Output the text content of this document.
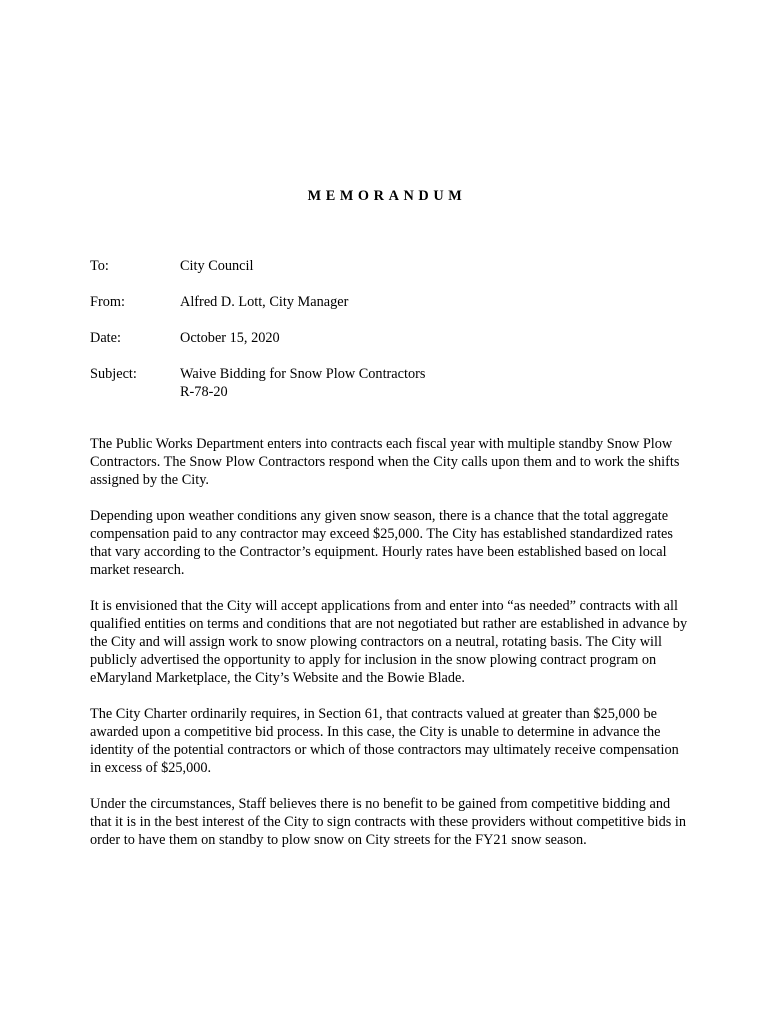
MEMORANDUM
To:	City Council
From:	Alfred D. Lott, City Manager
Date:	October 15, 2020
Subject:	Waive Bidding for Snow Plow Contractors
R-78-20

The Public Works Department enters into contracts each fiscal year with multiple standby Snow Plow Contractors. The Snow Plow Contractors respond when the City calls upon them and to work the shifts assigned by the City.

Depending upon weather conditions any given snow season, there is a chance that the total aggregate compensation paid to any contractor may exceed $25,000. The City has established standardized rates that vary according to the Contractor’s equipment. Hourly rates have been established based on local market research.

It is envisioned that the City will accept applications from and enter into “as needed” contracts with all qualified entities on terms and conditions that are not negotiated but rather are established in advance by the City and will assign work to snow plowing contractors on a neutral, rotating basis. The City will publicly advertised the opportunity to apply for inclusion in the snow plowing contract program on eMaryland Marketplace, the City’s Website and the Bowie Blade.

The City Charter ordinarily requires, in Section 61, that contracts valued at greater than $25,000 be awarded upon a competitive bid process. In this case, the City is unable to determine in advance the identity of the potential contractors or which of those contractors may ultimately receive compensation in excess of $25,000.

Under the circumstances, Staff believes there is no benefit to be gained from competitive bidding and that it is in the best interest of the City to sign contracts with these providers without competitive bids in order to have them on standby to plow snow on City streets for the FY21 snow season.
